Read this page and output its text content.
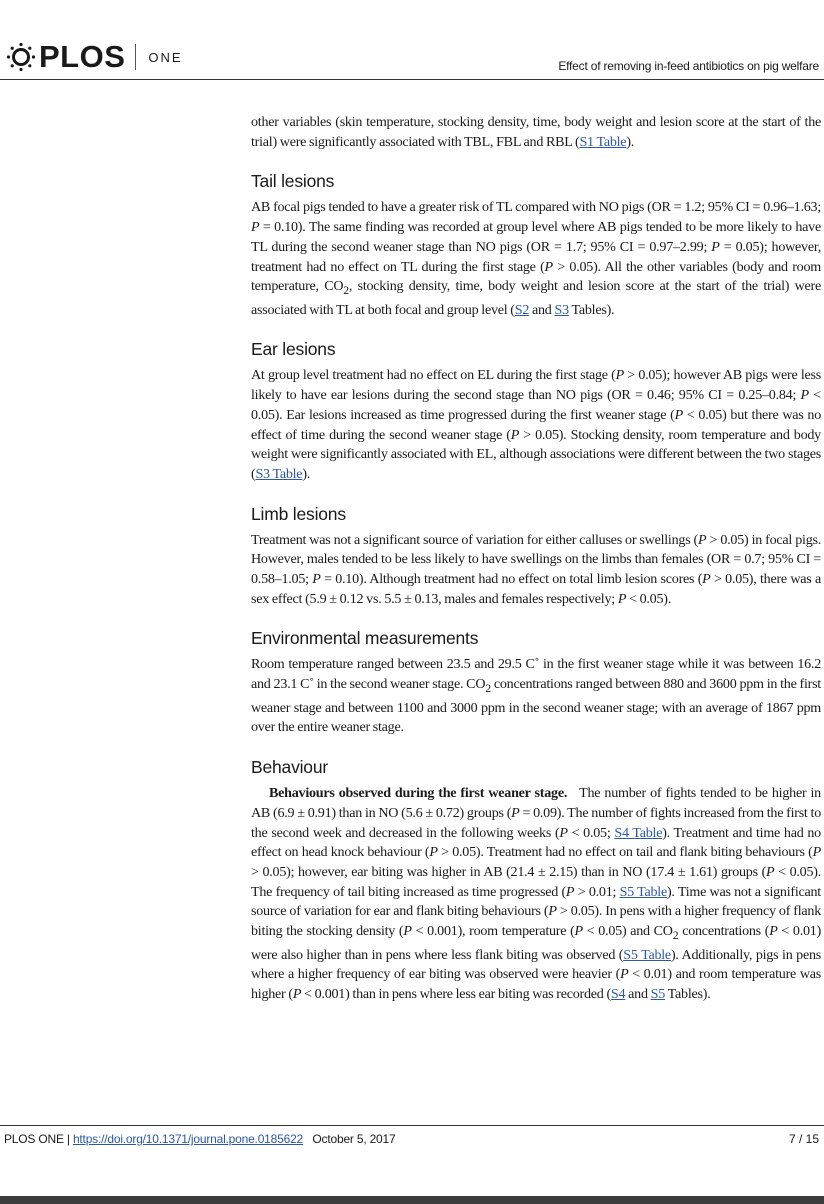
PLOS ONE
Effect of removing in-feed antibiotics on pig welfare

other variables (skin temperature, stocking density, time, body weight and lesion score at the start of the trial) were significantly associated with TBL, FBL and RBL (S1 Table).

Tail lesions

AB focal pigs tended to have a greater risk of TL compared with NO pigs (OR = 1.2; 95% CI = 0.96–1.63; P = 0.10). The same finding was recorded at group level where AB pigs tended to be more likely to have TL during the second weaner stage than NO pigs (OR = 1.7; 95% CI = 0.97–2.99; P = 0.05); however, treatment had no effect on TL during the first stage (P > 0.05). All the other variables (body and room temperature, $CO_2$, stocking density, time, body weight and lesion score at the start of the trial) were associated with TL at both focal and group level (S2 and S3 Tables).

Ear lesions

At group level treatment had no effect on EL during the first stage (P > 0.05); however AB pigs were less likely to have ear lesions during the second stage than NO pigs (OR = 0.46; 95% CI = 0.25–0.84; P < 0.05). Ear lesions increased as time progressed during the first weaner stage (P < 0.05) but there was no effect of time during the second weaner stage (P > 0.05). Stocking density, room temperature and body weight were significantly associated with EL, although associations were different between the two stages (S3 Table).

Limb lesions

Treatment was not a significant source of variation for either calluses or swellings (P > 0.05) in focal pigs. However, males tended to be less likely to have swellings on the limbs than females (OR = 0.7; 95% CI = 0.58–1.05; P = 0.10). Although treatment had no effect on total limb lesion scores (P > 0.05), there was a sex effect (5.9 ± 0.12 vs. 5.5 ± 0.13, males and females respectively; P < 0.05).

Environmental measurements

Room temperature ranged between 23.5 and 29.5 C˚ in the first weaner stage while it was between 16.2 and 23.1 C˚ in the second weaner stage. $CO_2$ concentrations ranged between 880 and 3600 ppm in the first weaner stage and between 1100 and 3000 ppm in the second weaner stage; with an average of 1867 ppm over the entire weaner stage.

Behaviour

Behaviours observed during the first weaner stage. The number of fights tended to be higher in AB (6.9 ± 0.91) than in NO (5.6 ± 0.72) groups (P = 0.09). The number of fights increased from the first to the second week and decreased in the following weeks (P < 0.05; S4 Table). Treatment and time had no effect on head knock behaviour (P > 0.05). Treatment had no effect on tail and flank biting behaviours (P > 0.05); however, ear biting was higher in AB (21.4 ± 2.15) than in NO (17.4 ± 1.61) groups (P < 0.05). The frequency of tail biting increased as time progressed (P > 0.01; S5 Table). Time was not a significant source of variation for ear and flank biting behaviours (P > 0.05). In pens with a higher frequency of flank biting the stocking density (P < 0.001), room temperature (P < 0.05) and $CO_2$ concentrations (P < 0.01) were also higher than in pens where less flank biting was observed (S5 Table). Additionally, pigs in pens where a higher frequency of ear biting was observed were heavier (P < 0.01) and room temperature was higher (P < 0.001) than in pens where less ear biting was recorded (S4 and S5 Tables).

PLOS ONE | https://doi.org/10.1371/journal.pone.0185622 October 5, 2017	7 / 15
